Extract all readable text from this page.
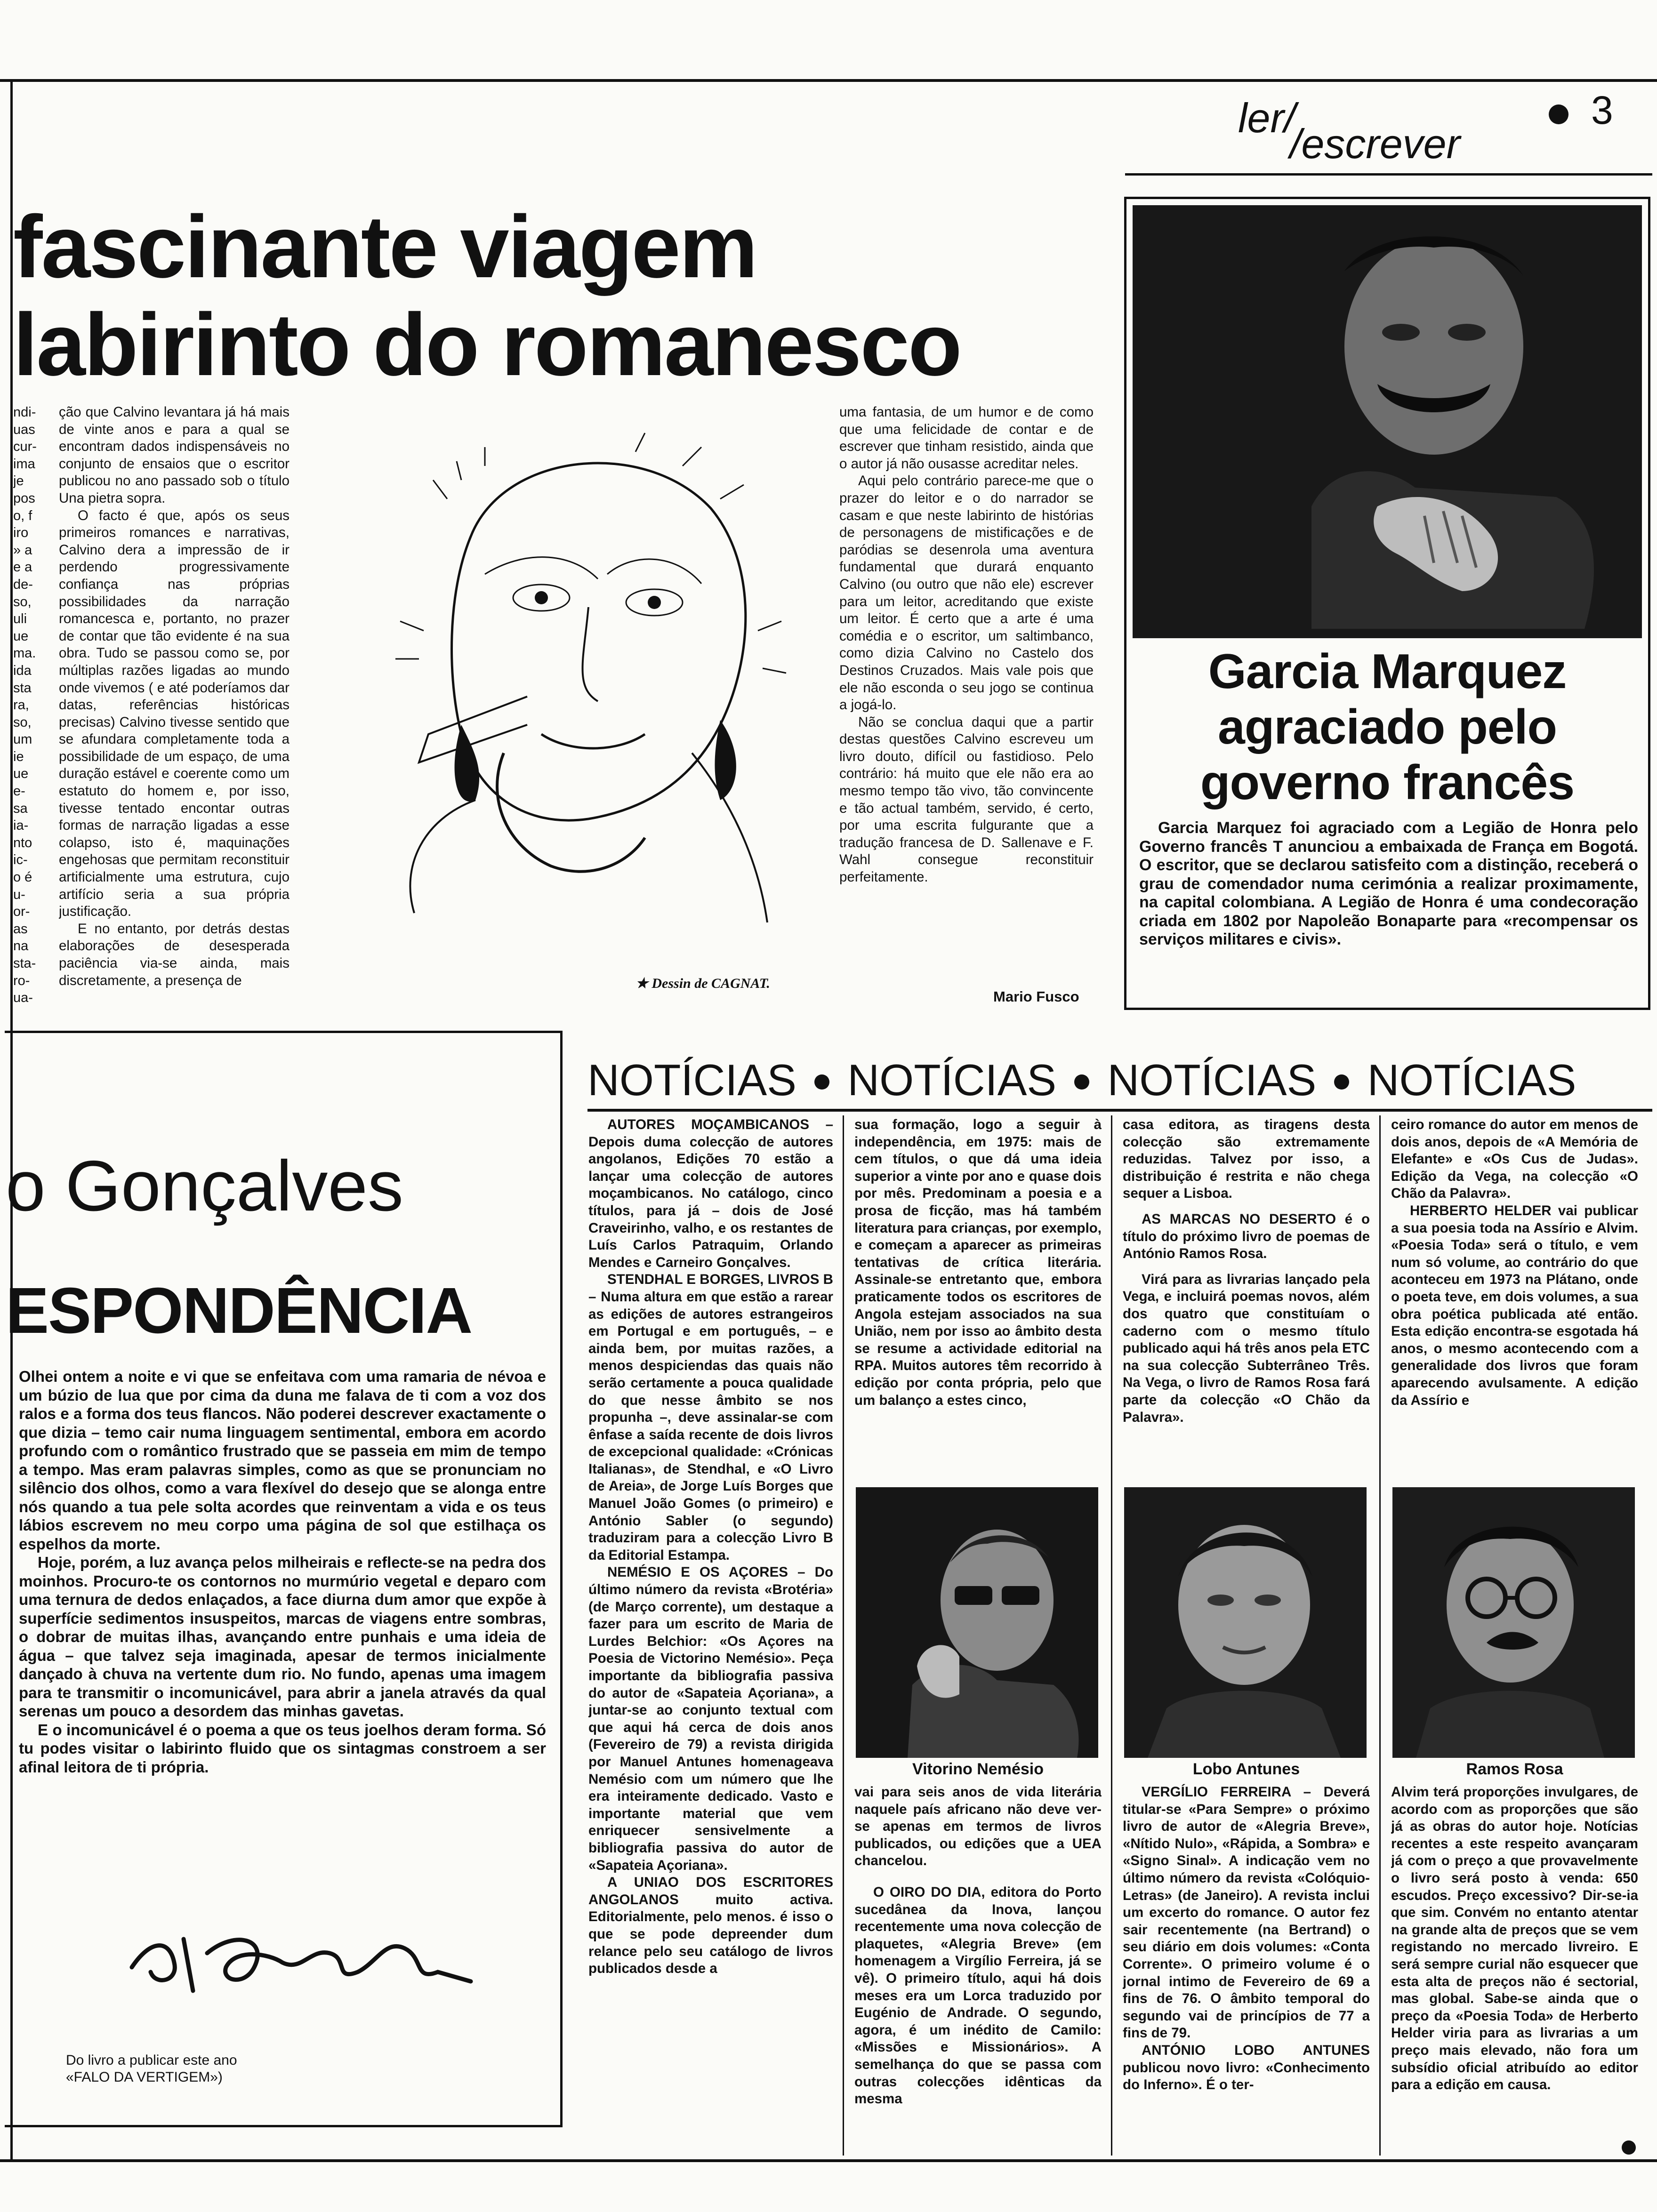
ler/
/escrever
3
fascinante viagem
labirinto do romanesco
ndi-
uas
cur-
ima
je
pos
o, f
iro
» a
e a
de-
so,
uli
ue
ma.
ida
sta
ra,
so,
um
ie
ue
e-
sa
ia-
nto
ic-
o é
u-
or-
as
na
sta-
ro-
ua-

ção que Calvino levantara já há mais de vinte anos e para a qual se encontram dados indispensáveis no conjunto de ensaios que o escritor publicou no ano passado sob o título Una pietra sopra.

O facto é que, após os seus primeiros romances e narrativas, Calvino dera a impressão de ir perdendo progressivamente confiança nas próprias possibilidades da narração romancesca e, portanto, no prazer de contar que tão evidente é na sua obra. Tudo se passou como se, por múltiplas razões ligadas ao mundo onde vivemos ( e até poderíamos dar datas, referências históricas precisas) Calvino tivesse sentido que se afundara completamente toda a possibilidade de um espaço, de uma duração estável e coerente como um estatuto do homem e, por isso, tivesse tentado encontar outras formas de narração ligadas a esse colapso, isto é, maquinações engehosas que permitam reconstituir artificialmente uma estrutura, cujo artifício seria a sua própria justificação.

E no entanto, por detrás destas elaborações de desesperada paciência via-se ainda, mais discretamente, a presença de	★ Dessin de CAGNAT.

uma fantasia, de um humor e de como que uma felicidade de contar e de escrever que tinham resistido, ainda que o autor já não ousasse acreditar neles.

Aqui pelo contrário parece-me que o prazer do leitor e o do narrador se casam e que neste labirinto de histórias de personagens de mistificações e de paródias se desenrola uma aventura fundamental que durará enquanto Calvino (ou outro que não ele) escrever para um leitor, acreditando que existe um leitor. É certo que a arte é uma comédia e o escritor, um saltimbanco, como dizia Calvino no Castelo dos Destinos Cruzados. Mais vale pois que ele não esconda o seu jogo se continua a jogá-lo.

Não se conclua daqui que a partir destas questões Calvino escreveu um livro douto, difícil ou fastidioso. Pelo contrário: há muito que ele não era ao mesmo tempo tão vivo, tão convincente e tão actual também, servido, é certo, por uma escrita fulgurante que a tradução francesa de D. Sallenave e F. Wahl consegue reconstituir perfeitamente.

Mario Fusco
Garcia Marquez
agraciado pelo
governo francês

Garcia Marquez foi agraciado com a Legião de Honra pelo Governo francês T anunciou a embaixada de França em Bogotá. O escritor, que se declarou satisfeito com a distinção, receberá o grau de comendador numa cerimónia a realizar proximamente, na capital colombiana. A Legião de Honra é uma condecoração criada em 1802 por Napoleão Bonaparte para «recompensar os serviços militares e civis».

o Gonçalves
ESPONDÊNCIA

Olhei ontem a noite e vi que se enfeitava com uma ramaria de névoa e um búzio de lua que por cima da duna me falava de ti com a voz dos ralos e a forma dos teus flancos. Não poderei descrever exactamente o que dizia – temo cair numa linguagem sentimental, embora em acordo profundo com o romântico frustrado que se passeia em mim de tempo a tempo. Mas eram palavras simples, como as que se pronunciam no silêncio dos olhos, como a vara flexível do desejo que se alonga entre nós quando a tua pele solta acordes que reinventam a vida e os teus lábios escrevem no meu corpo uma página de sol que estilhaça os espelhos da morte.

Hoje, porém, a luz avança pelos milheirais e reflecte-se na pedra dos moinhos. Procuro-te os contornos no murmúrio vegetal e deparo com uma ternura de dedos enlaçados, a face diurna dum amor que expõe à superfície sedimentos insuspeitos, marcas de viagens entre sombras, o dobrar de muitas ilhas, avançando entre punhais e uma ideia de água – que talvez seja imaginada, apesar de termos inicialmente dançado à chuva na vertente dum rio. No fundo, apenas uma imagem para te transmitir o incomunicável, para abrir a janela através da qual serenas um pouco a desordem das minhas gavetas.

E o incomunicável é o poema a que os teus joelhos deram forma. Só tu podes visitar o labirinto fluido que os sintagmas constroem a ser afinal leitora de ti própria.

Do livro a publicar este ano
«FALO DA VERTIGEM»)
NOTÍCIAS NOTÍCIAS NOTÍCIAS NOTÍCIAS

AUTORES MOÇAMBICANOS – Depois duma colecção de autores angolanos, Edições 70 estão a lançar uma colecção de autores moçambicanos. No catálogo, cinco títulos, para já – dois de José Craveirinho, valho, e os restantes de Luís Carlos Patraquim, Orlando Mendes e Carneiro Gonçalves.

STENDHAL E BORGES, LIVROS B – Numa altura em que estão a rarear as edições de autores estrangeiros em Portugal e em português, – e ainda bem, por muitas razões, a menos despiciendas das quais não serão certamente a pouca qualidade do que nesse âmbito se nos propunha –, deve assinalar-se com ênfase a saída recente de dois livros de excepcional qualidade: «Crónicas Italianas», de Stendhal, e «O Livro de Areia», de Jorge Luís Borges que Manuel João Gomes (o primeiro) e António Sabler (o segundo) traduziram para a colecção Livro B da Editorial Estampa.

NEMÉSIO E OS AÇORES – Do último número da revista «Brotéria» (de Março corrente), um destaque a fazer para um escrito de Maria de Lurdes Belchior: «Os Açores na Poesia de Victorino Nemésio». Peça importante da bibliografia passiva do autor de «Sapateia Açoriana», a juntar-se ao conjunto textual com que aqui há cerca de dois anos (Fevereiro de 79) a revista dirigida por Manuel Antunes homenageava Nemésio com um número que lhe era inteiramente dedicado. Vasto e importante material que vem enriquecer sensivelmente a bibliografia passiva do autor de «Sapateia Açoriana».

A UNIAO DOS ESCRITORES ANGOLANOS muito activa. Editorialmente, pelo menos. é isso o que se pode depreender dum relance pelo seu catálogo de livros publicados desde a

sua formação, logo a seguir à independência, em 1975: mais de cem títulos, o que dá uma ideia superior a vinte por ano e quase dois por mês. Predominam a poesia e a prosa de ficção, mas há também literatura para crianças, por exemplo, e começam a aparecer as primeiras tentativas de crítica literária. Assinale-se entretanto que, embora praticamente todos os escritores de Angola estejam associados na sua União, nem por isso ao âmbito desta se resume a actividade editorial na RPA. Muitos autores têm recorrido à edição por conta própria, pelo que um balanço a estes cinco,

casa editora, as tiragens desta colecção são extremamente reduzidas. Talvez por isso, a distribuição é restrita e não chega sequer a Lisboa.

AS MARCAS NO DESERTO é o título do próximo livro de poemas de António Ramos Rosa.

Virá para as livrarias lançado pela Vega, e incluirá poemas novos, além dos quatro que constituíam o caderno com o mesmo título publicado aqui há três anos pela ETC na sua colecção Subterrâneo Três. Na Vega, o livro de Ramos Rosa fará parte da colecção «O Chão da Palavra».

ceiro romance do autor em menos de dois anos, depois de «A Memória de Elefante» e «Os Cus de Judas». Edição da Vega, na colecção «O Chão da Palavra».

HERBERTO HELDER vai publicar a sua poesia toda na Assírio e Alvim. «Poesia Toda» será o título, e vem num só volume, ao contrário do que aconteceu em 1973 na Plátano, onde o poeta teve, em dois volumes, a sua obra poética publicada até então. Esta edição encontra-se esgotada há anos, o mesmo acontecendo com a generalidade dos livros que foram aparecendo avulsamente. A edição da Assírio e

Vitorino Nemésio	Lobo Antunes	Ramos Rosa

vai para seis anos de vida literária naquele país africano não deve ver-se apenas em termos de livros publicados, ou edições que a UEA chancelou.

O OIRO DO DIA, editora do Porto sucedânea da Inova, lançou recentemente uma nova colecção de plaquetes, «Alegria Breve» (em homenagem a Virgílio Ferreira, já se vê). O primeiro título, aqui há dois meses era um Lorca traduzido por Eugénio de Andrade. O segundo, agora, é um inédito de Camilo: «Missões e Missionários». A semelhança do que se passa com outras colecções idênticas da mesma

VERGÍLIO FERREIRA – Deverá titular-se «Para Sempre» o próximo livro de autor de «Alegria Breve», «Nítido Nulo», «Rápida, a Sombra» e «Signo Sinal». A indicação vem no último número da revista «Colóquio-Letras» (de Janeiro). A revista inclui um excerto do romance. O autor fez sair recentemente (na Bertrand) o seu diário em dois volumes: «Conta Corrente». O primeiro volume é o jornal intimo de Fevereiro de 69 a fins de 76. O âmbito temporal do segundo vai de princípios de 77 a fins de 79.

ANTÓNIO LOBO ANTUNES publicou novo livro: «Conhecimento do Inferno». É o ter-

Alvim terá proporções invulgares, de acordo com as proporções que são já as obras do autor hoje. Notícias recentes a este respeito avançaram já com o preço a que provavelmente o livro será posto à venda: 650 escudos. Preço excessivo? Dir-se-ia que sim. Convém no entanto atentar na grande alta de preços que se vem registando no mercado livreiro. E será sempre curial não esquecer que esta alta de preços não é sectorial, mas global. Sabe-se ainda que o preço da «Poesia Toda» de Herberto Helder viria para as livrarias a um preço mais elevado, não fora um subsídio oficial atribuído ao editor para a edição em causa.
